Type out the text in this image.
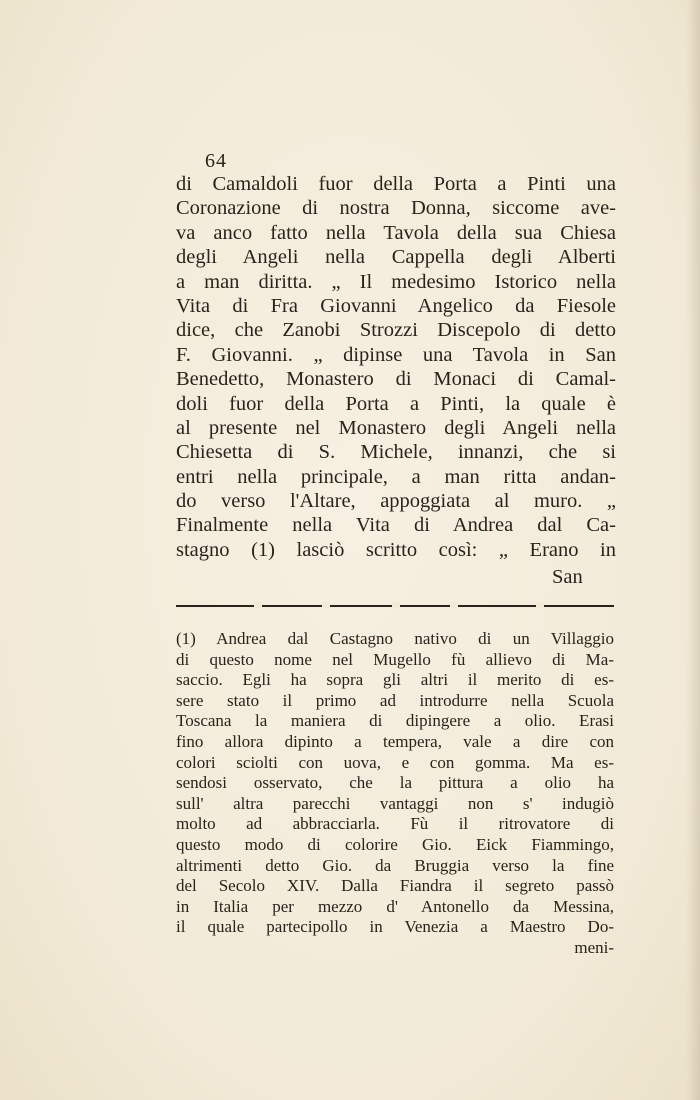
64
di Camaldoli fuor della Porta a Pinti una
Coronazione di nostra Donna, siccome ave-
va anco fatto nella Tavola della sua Chiesa
degli Angeli nella Cappella degli Alberti
a man diritta. „ Il medesimo Istorico nella
Vita di Fra Giovanni Angelico da Fiesole
dice, che Zanobi Strozzi Discepolo di detto
F. Giovanni. „ dipinse una Tavola in San
Benedetto, Monastero di Monaci di Camal-
doli fuor della Porta a Pinti, la quale è
al presente nel Monastero degli Angeli nella
Chiesetta di S. Michele, innanzi, che si
entri nella principale, a man ritta andan-
do verso l'Altare, appoggiata al muro. „
Finalmente nella Vita di Andrea dal Ca-
stagno (1) lasciò scritto così: „ Erano in
San
(1) Andrea dal Castagno nativo di un Villaggio
di questo nome nel Mugello fù allievo di Ma-
saccio. Egli ha sopra gli altri il merito di es-
sere stato il primo ad introdurre nella Scuola
Toscana la maniera di dipingere a olio. Erasi
fino allora dipinto a tempera, vale a dire con
colori sciolti con uova, e con gomma. Ma es-
sendosi osservato, che la pittura a olio ha
sull' altra parecchi vantaggi non s' indugiò
molto ad abbracciarla. Fù il ritrovatore di
questo modo di colorire Gio. Eick Fiammingo,
altrimenti detto Gio. da Bruggia verso la fine
del Secolo XIV. Dalla Fiandra il segreto passò
in Italia per mezzo d' Antonello da Messina,
il quale partecipollo in Venezia a Maestro Do-
meni-
